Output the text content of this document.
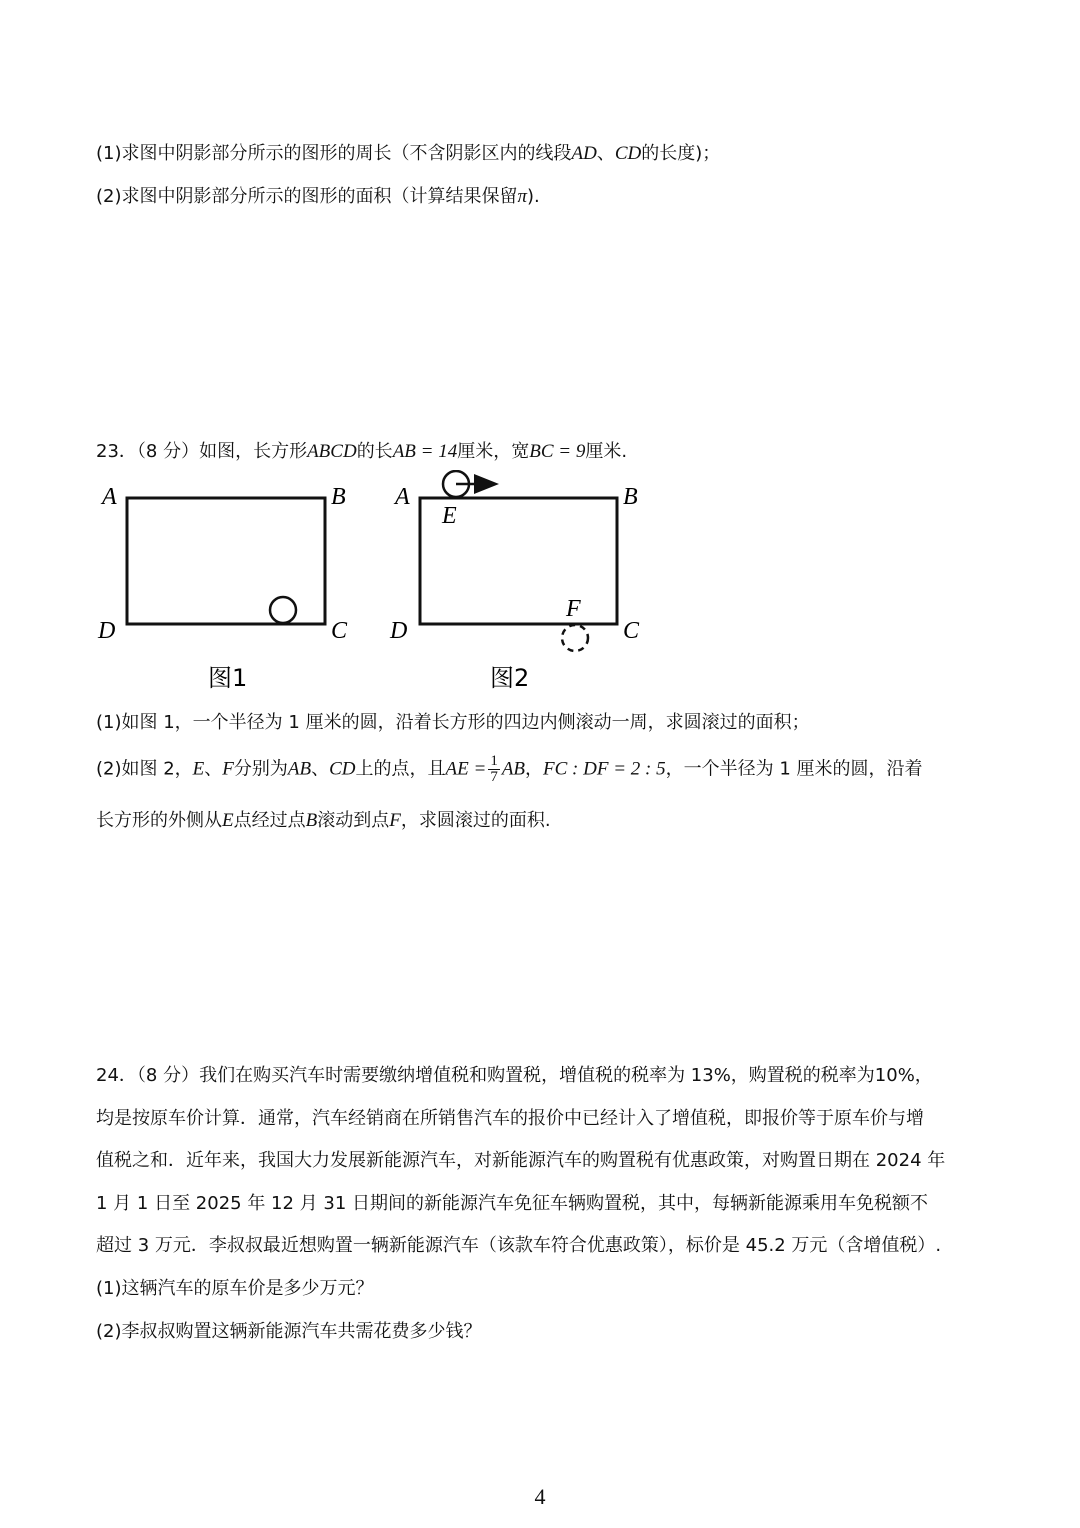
(1)求图中阴影部分所示的图形的周长（不含阴影区内的线段AD、CD的长度)；
(2)求图中阴影部分所示的图形的面积（计算结果保留π).
23．（8 分）如图，长方形ABCD的长AB = 14厘米，宽BC = 9厘米.
A	B
C
D
图1
A	B
C
D
E
F
图2
(1)如图 1，一个半径为 1 厘米的圆，沿着长方形的四边内侧滚动一周，求圆滚过的面积；
(2)如图 2，E、F分别为AB、CD上的点，且AE = $\frac{1}{7}$ AB，FC : DF = 2 : 5，一个半径为 1 厘米的圆，沿着
长方形的外侧从E点经过点B滚动到点F，求圆滚过的面积.
24．（8 分）我们在购买汽车时需要缴纳增值税和购置税，增值税的税率为 13%，购置税的税率为10%，
均是按原车价计算．通常，汽车经销商在所销售汽车的报价中已经计入了增值税，即报价等于原车价与增
值税之和．近年来，我国大力发展新能源汽车，对新能源汽车的购置税有优惠政策，对购置日期在 2024 年
1 月 1 日至 2025 年 12 月 31 日期间的新能源汽车免征车辆购置税，其中，每辆新能源乘用车免税额不
超过 3 万元．李叔叔最近想购置一辆新能源汽车（该款车符合优惠政策），标价是 45.2 万元（含增值税）.
(1)这辆汽车的原车价是多少万元？
(2)李叔叔购置这辆新能源汽车共需花费多少钱？
4
